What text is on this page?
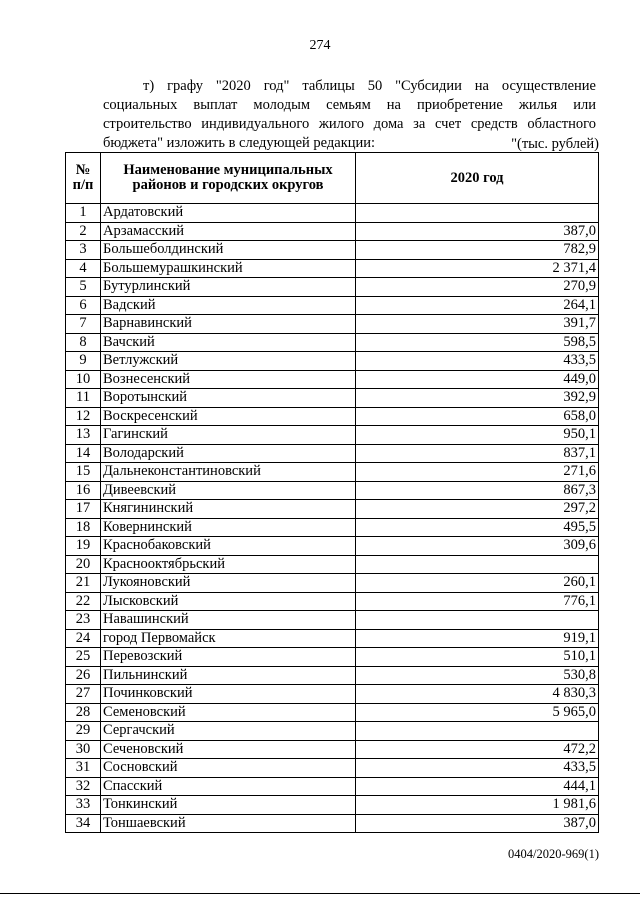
274

т) графу "2020 год" таблицы 50 "Субсидии на осуществление социальных выплат молодым семьям на приобретение жилья или строительство индивидуального жилого дома за счет средств областного бюджета" изложить в следующей редакции:	"(тыс. рублей)
№ п/п	Наименование муниципальных районов и городских округов	2020 год
1	Ардатовский	
2	Арзамасский	387,0
3	Большеболдинский	782,9
4	Большемурашкинский	2 371,4
5	Бутурлинский	270,9
6	Вадский	264,1
7	Варнавинский	391,7
8	Вачский	598,5
9	Ветлужский	433,5
10	Вознесенский	449,0
11	Воротынский	392,9
12	Воскресенский	658,0
13	Гагинский	950,1
14	Володарский	837,1
15	Дальнеконстантиновский	271,6
16	Дивеевский	867,3
17	Княгининский	297,2
18	Ковернинский	495,5
19	Краснобаковский	309,6
20	Краснооктябрьский	
21	Лукояновский	260,1
22	Лысковский	776,1
23	Навашинский	
24	город Первомайск	919,1
25	Перевозский	510,1
26	Пильнинский	530,8
27	Починковский	4 830,3
28	Семеновский	5 965,0
29	Сергачский	
30	Сеченовский	472,2
31	Сосновский	433,5
32	Спасский	444,1
33	Тонкинский	1 981,6
34	Тоншаевский	387,0
0404/2020-969(1)
